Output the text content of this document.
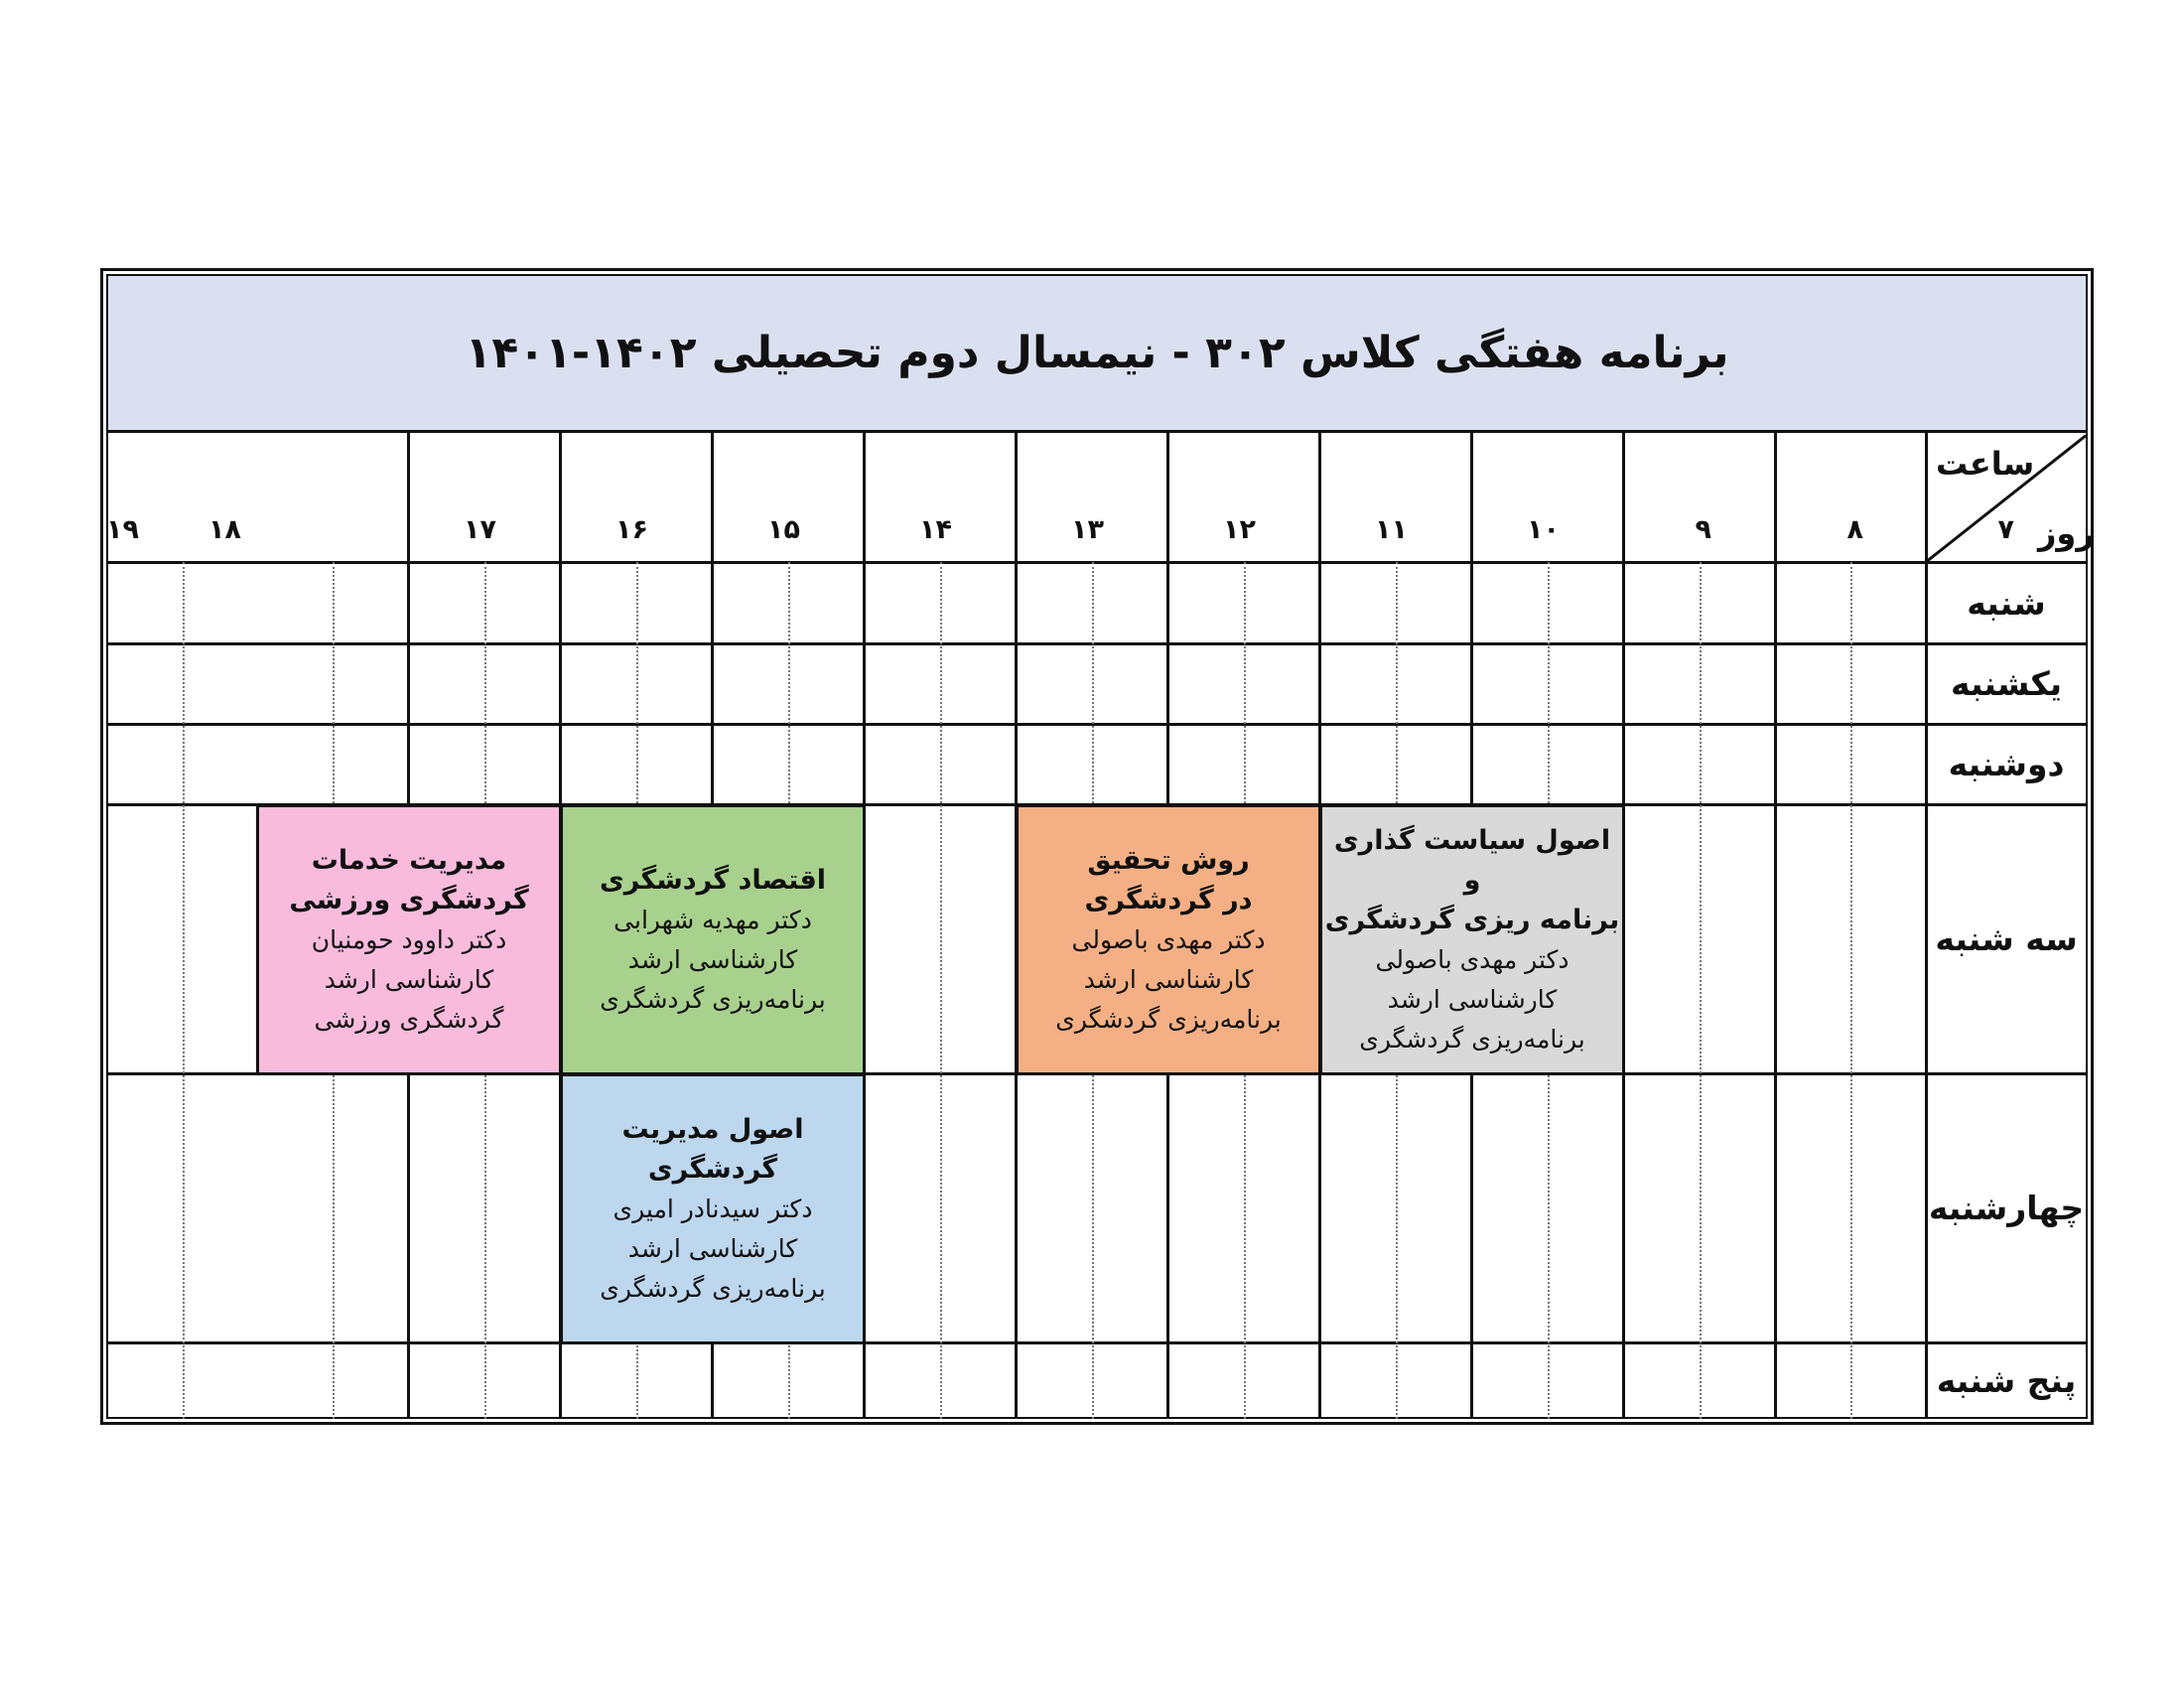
برنامه هفتگی کلاس ۳۰۲ - نیمسال دوم تحصیلی ۱۴۰۲-۱۴۰۱
ساعت
روز
۷
۸
۹
۱۰
۱۱
۱۲
۱۳
۱۴
۱۵
۱۶
۱۷
۱۸
۱۹
شنبه
یکشنبه
دوشنبه
سه شنبه
چهارشنبه
پنج شنبه
اصول سیاست گذاری و
برنامه ریزی گردشگری
دکتر مهدی باصولی
کارشناسی ارشد
برنامه‌ریزی گردشگری
روش تحقیق
در گردشگری
دکتر مهدی باصولی
کارشناسی ارشد
برنامه‌ریزی گردشگری
اقتصاد گردشگری
دکتر مهدیه شهرابی
کارشناسی ارشد
برنامه‌ریزی گردشگری
مدیریت خدمات
گردشگری ورزشی
دکتر داوود حومنیان
کارشناسی ارشد
گردشگری ورزشی
اصول مدیریت گردشگری
دکتر سیدنادر امیری
کارشناسی ارشد
برنامه‌ریزی گردشگری
